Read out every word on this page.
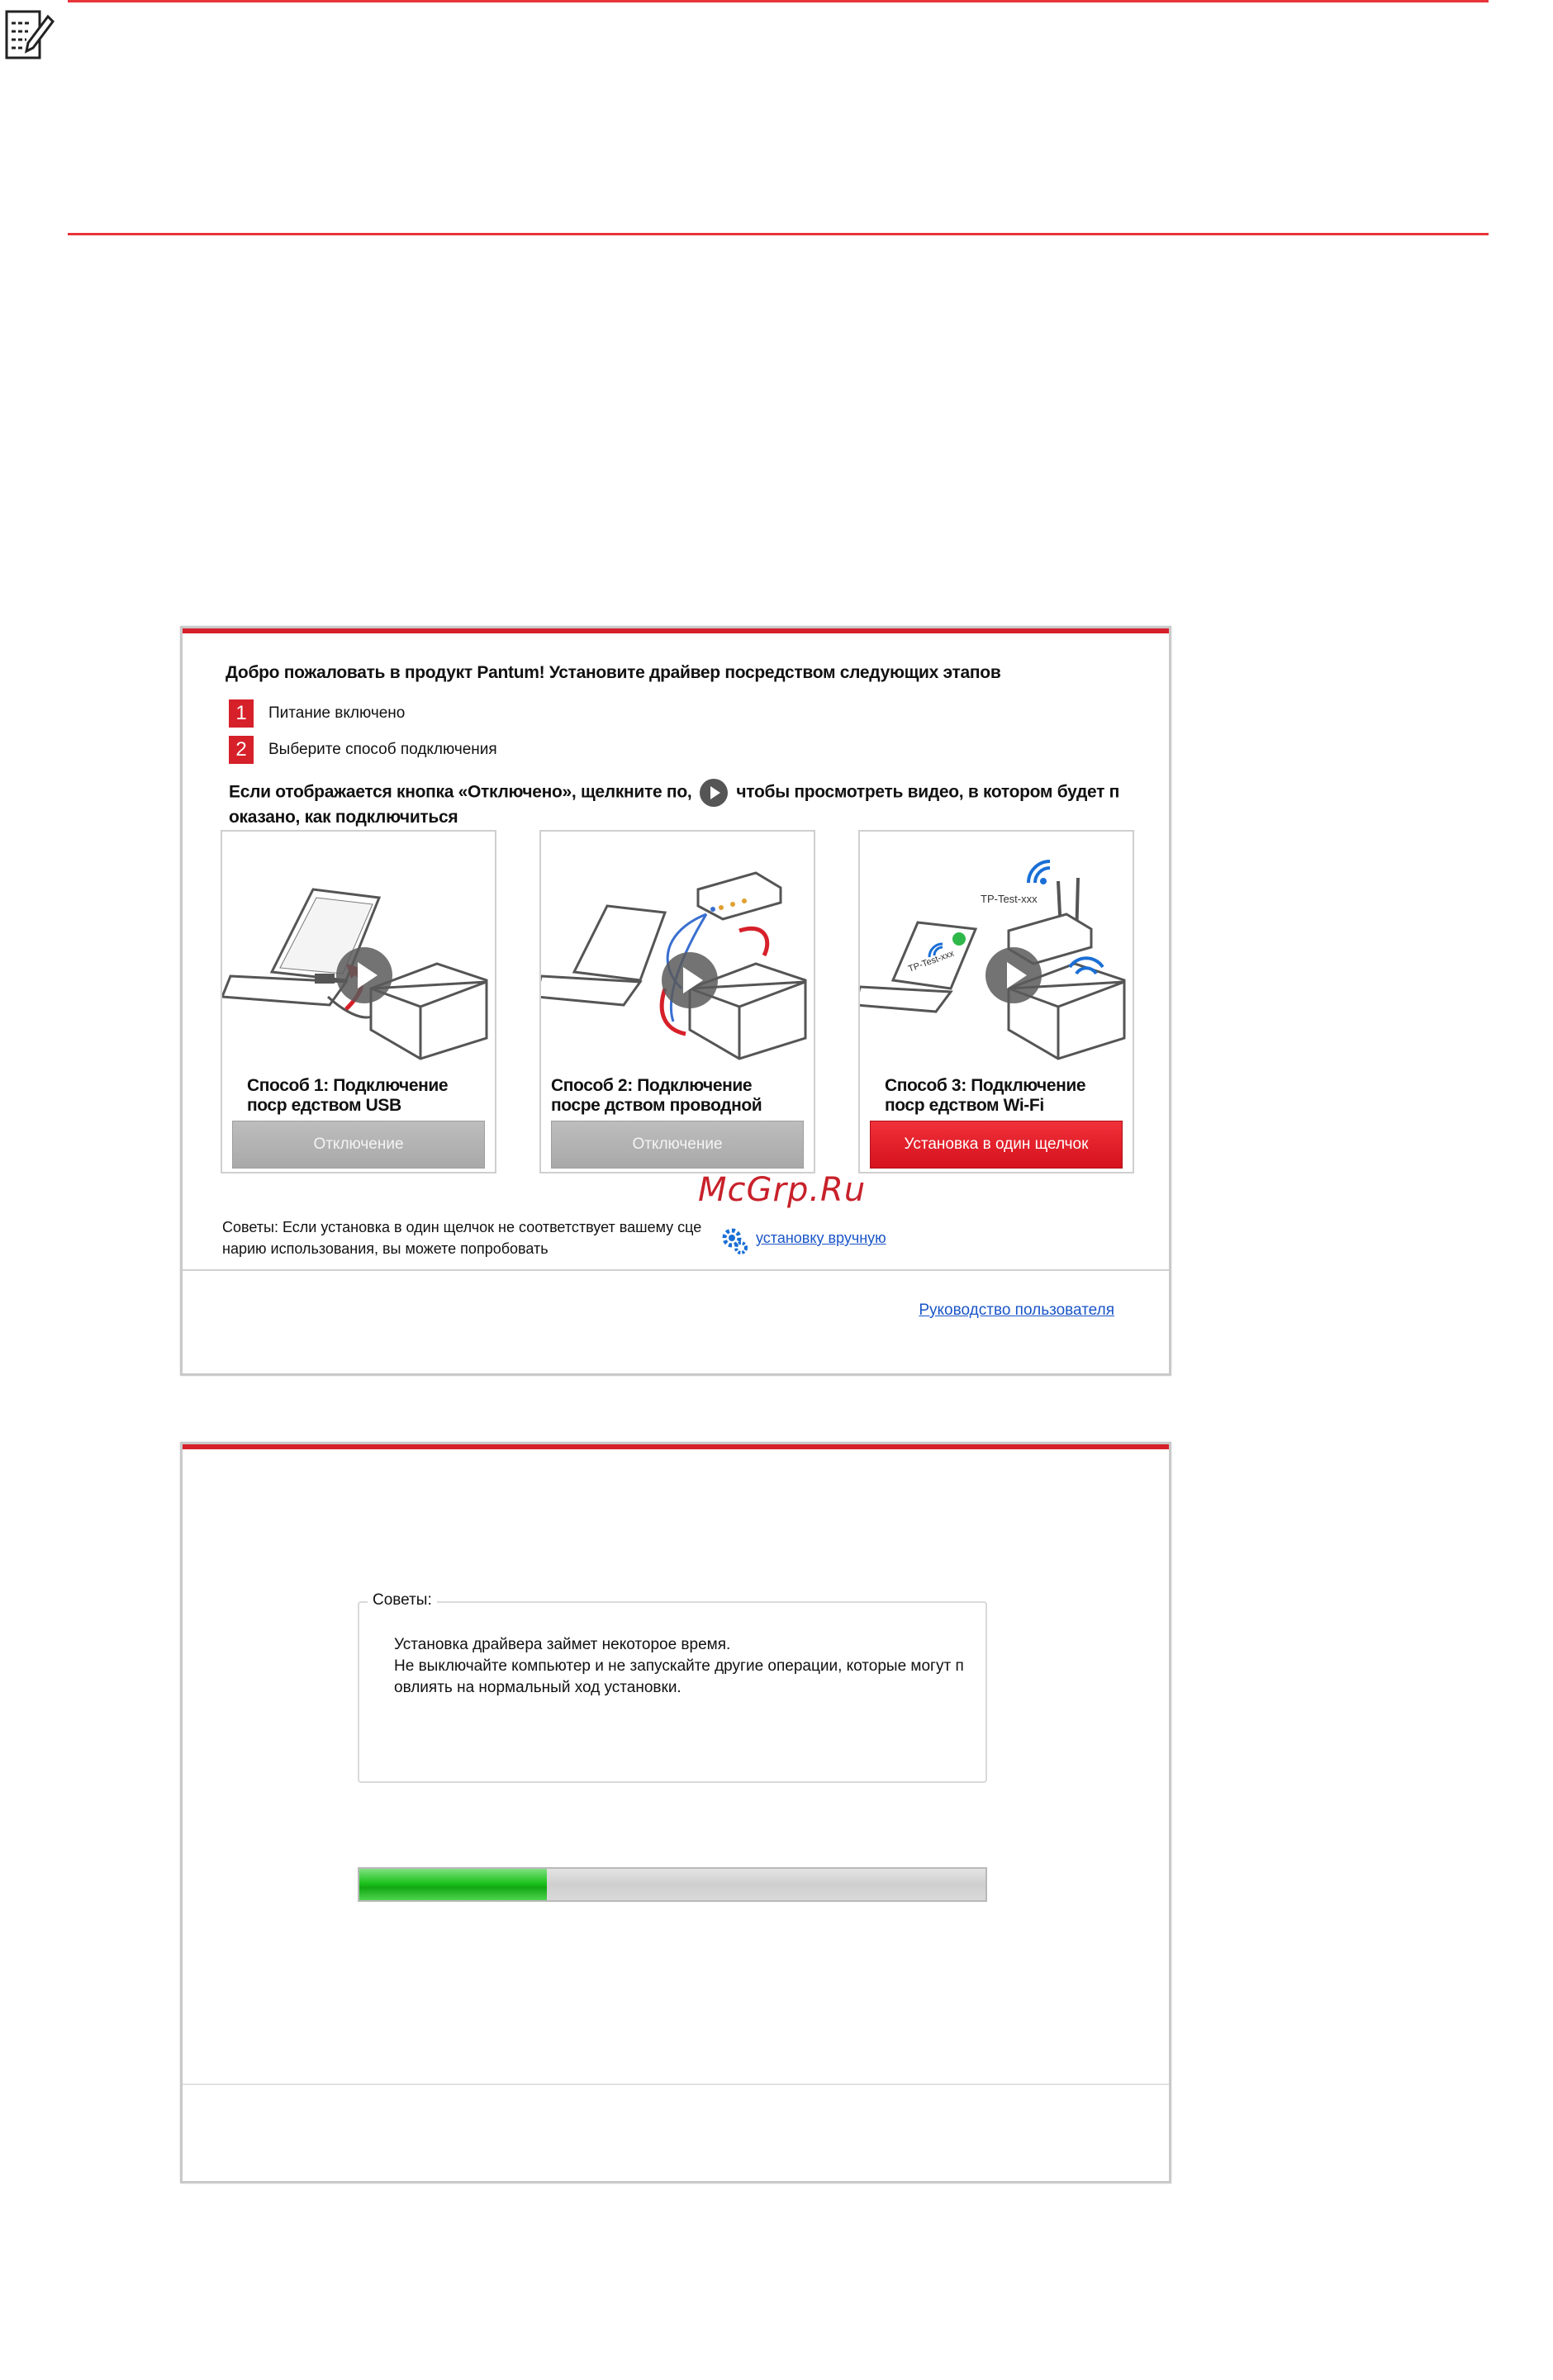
Добро пожаловать в продукт Pantum! Установите драйвер посредством следующих этапов
1	Питание включено
2	Выберите способ подключения
Если отображается кнопка «Отключено», щелкните по,	чтобы просмотреть видео, в котором будет п оказано, как подключиться
Способ 1: Подключение поср едством USB
Отключение
Способ 2: Подключение посре дством проводной
Отключение
TP-Test-xxx
TP-Test-xxx
Способ 3: Подключение поср едством Wi-Fi
Установка в один щелчок
Советы: Если установка в один щелчок не соответствует вашему сце нарию использования, вы можете попробовать
установку вручную
Руководство пользователя
McGrp.Ru
Советы:
Установка драйвера займет некоторое время.
Не выключайте компьютер и не запускайте другие операции, которые могут п
овлиять на нормальный ход установки.
